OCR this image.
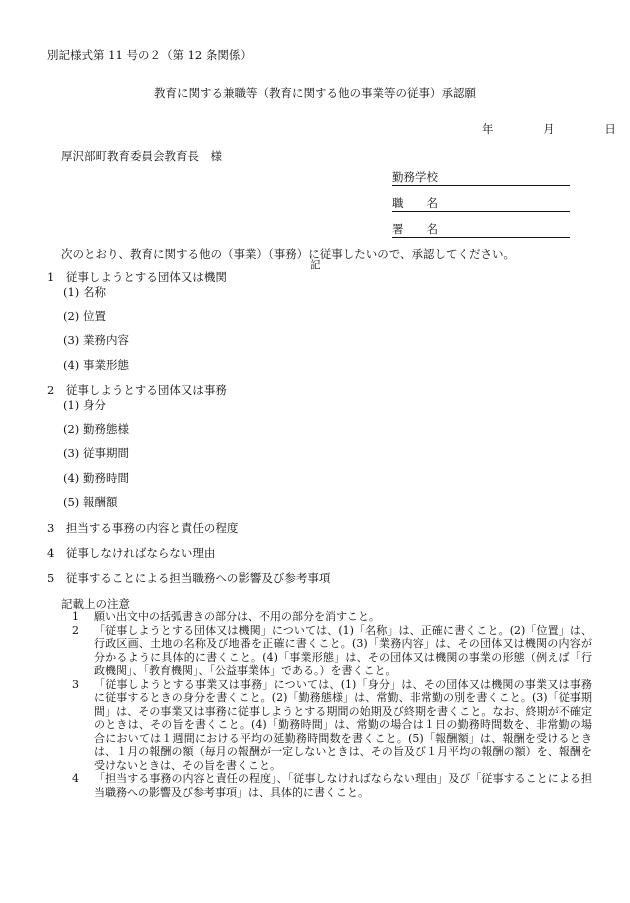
別記様式第 11 号の２（第 12 条関係）
教育に関する兼職等（教育に関する他の事業等の従事）承認願
年	月	日
厚沢部町教育委員会教育長　様
勤務学校
職　　名
署　　名
次のとおり、教育に関する他の（事業）（事務）に従事したいので、承認してください。
記
1　従事しようとする団体又は機関
(1) 名称
(2) 位置
(3) 業務内容
(4) 事業形態
2　従事しようとする団体又は事務
(1) 身分
(2) 勤務態様
(3) 従事期間
(4) 勤務時間
(5) 報酬額
3　担当する事務の内容と責任の程度
4　従事しなければならない理由
5　従事することによる担当職務への影響及び参考事項
記載上の注意
1	願い出文中の括弧書きの部分は、不用の部分を消すこと。
2	「従事しようとする団体又は機関」については、(1)「名称」は、正確に書くこと。(2)「位置」は、行政区画、土地の名称及び地番を正確に書くこと。(3)「業務内容」は、その団体又は機関の内容が分かるように具体的に書くこと。(4)「事業形態」は、その団体又は機関の事業の形態（例えば「行政機関」、「教育機関」、「公益事業体」である。）を書くこと。
3	「従事しようとする事業又は事務」については、(1)「身分」は、その団体又は機関の事業又は事務に従事するときの身分を書くこと。(2)「勤務態様」は、常勤、非常勤の別を書くこと。(3)「従事期間」は、その事業又は事務に従事しようとする期間の始期及び終期を書くこと。なお、終期が不確定のときは、その旨を書くこと。(4)「勤務時間」は、常勤の場合は１日の勤務時間数を、非常勤の場合においては１週間における平均の延勤務時間数を書くこと。(5)「報酬額」は、報酬を受けるときは、１月の報酬の額（毎月の報酬が一定しないときは、その旨及び１月平均の報酬の額）を、報酬を受けないときは、その旨を書くこと。
4	「担当する事務の内容と責任の程度」、「従事しなければならない理由」及び「従事することによる担当職務への影響及び参考事項」は、具体的に書くこと。
